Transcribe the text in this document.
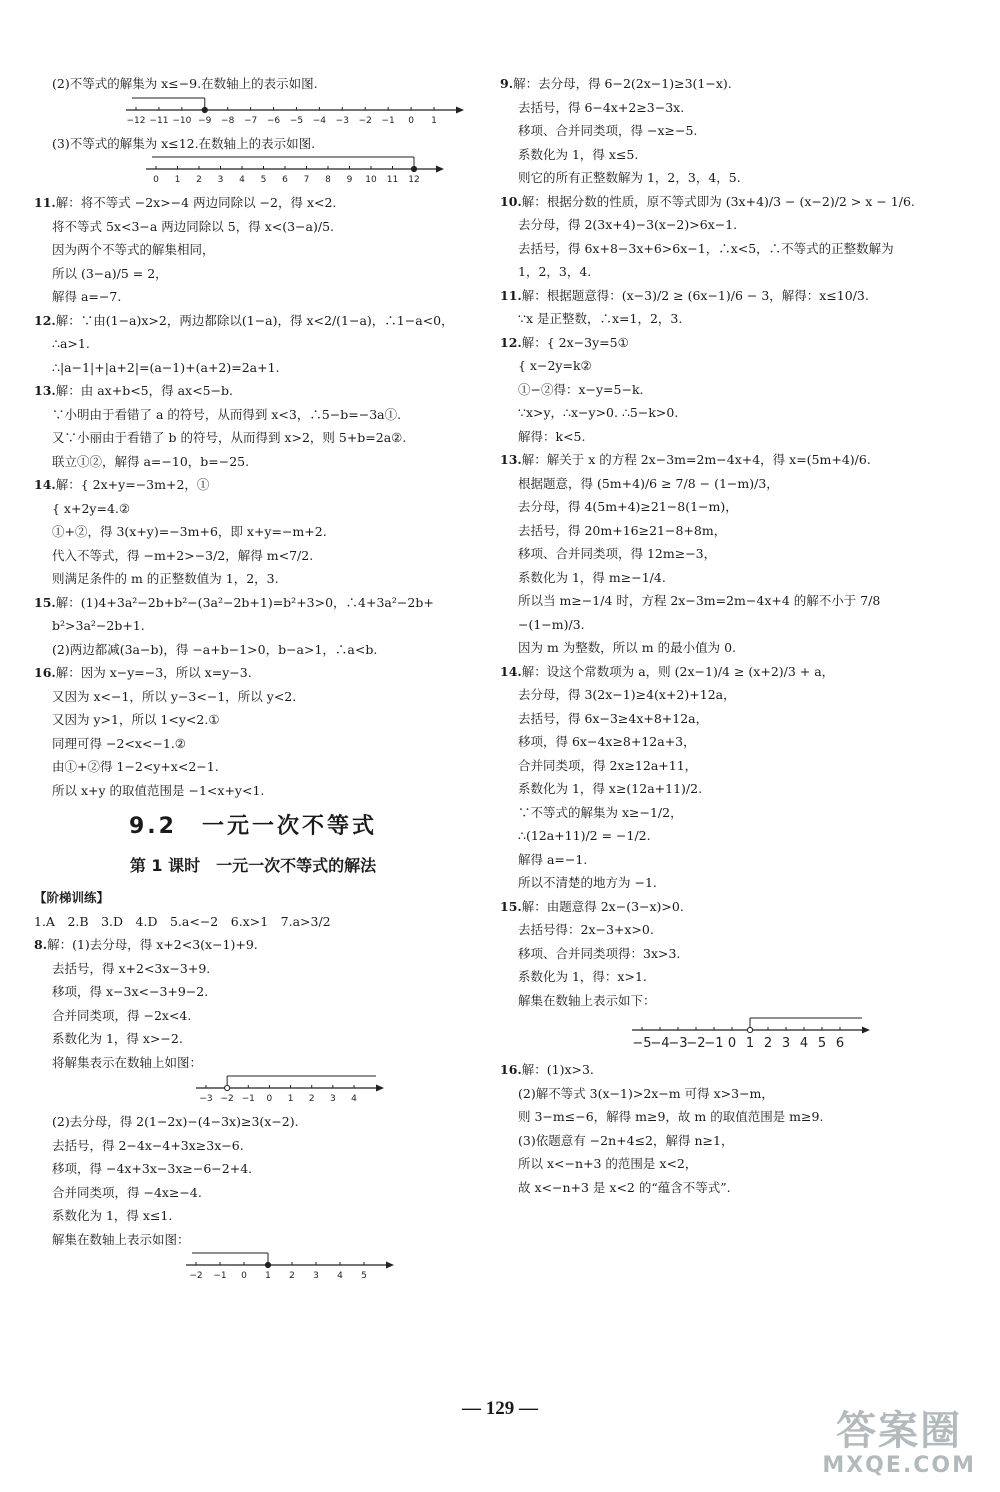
(2)不等式的解集为 x≤−9.在数轴上的表示如图.
−12 −11 −10 −9 −8 −7 −6 −5 −4 −3 −2 −1 0 1
(3)不等式的解集为 x≤12.在数轴上的表示如图.
0 1 2 3 4 5 6 7 8 9 10 11 12
11.解：将不等式 −2x>−4 两边同除以 −2，得 x<2.
将不等式 5x<3−a 两边同除以 5，得 x<(3−a)/5.
因为两个不等式的解集相同，
所以 (3−a)/5 = 2，
解得 a=−7.
12.解：∵由(1−a)x>2，两边都除以(1−a)，得 x<2/(1−a)，∴1−a<0，
∴a>1.
∴|a−1|+|a+2|=(a−1)+(a+2)=2a+1.
13.解：由 ax+b<5，得 ax<5−b.
∵小明由于看错了 a 的符号，从而得到 x<3，∴5−b=−3a①.
又∵小丽由于看错了 b 的符号，从而得到 x>2，则 5+b=2a②.
联立①②，解得 a=−10，b=−25.
14.解：{ 2x+y=−3m+2，①
{ x+2y=4.②
①+②，得 3(x+y)=−3m+6，即 x+y=−m+2.
代入不等式，得 −m+2>−3/2，解得 m<7/2.
则满足条件的 m 的正整数值为 1，2，3.
15.解：(1)4+3a²−2b+b²−(3a²−2b+1)=b²+3>0，∴4+3a²−2b+
b²>3a²−2b+1.
(2)两边都减(3a−b)，得 −a+b−1>0，b−a>1，∴a<b.
16.解：因为 x−y=−3，所以 x=y−3.
又因为 x<−1，所以 y−3<−1，所以 y<2.
又因为 y>1，所以 1<y<2.①
同理可得 −2<x<−1.②
由①+②得 1−2<y+x<2−1.
所以 x+y 的取值范围是 −1<x+y<1.
9.2　一元一次不等式
第 1 课时　一元一次不等式的解法
【阶梯训练】
1.A　2.B　3.D　4.D　5.a<−2　6.x>1　7.a>3/2
8.解：(1)去分母，得 x+2<3(x−1)+9.
去括号，得 x+2<3x−3+9.
移项，得 x−3x<−3+9−2.
合并同类项，得 −2x<4.
系数化为 1，得 x>−2.
将解集表示在数轴上如图：
−3 −2 −1 0 1 2 3 4
(2)去分母，得 2(1−2x)−(4−3x)≥3(x−2).
去括号，得 2−4x−4+3x≥3x−6.
移项，得 −4x+3x−3x≥−6−2+4.
合并同类项，得 −4x≥−4.
系数化为 1，得 x≤1.
解集在数轴上表示如图：
−2 −1 0 1 2 3 4 5
9.解：去分母，得 6−2(2x−1)≥3(1−x).
去括号，得 6−4x+2≥3−3x.
移项、合并同类项，得 −x≥−5.
系数化为 1，得 x≤5.
则它的所有正整数解为 1，2，3，4，5.
10.解：根据分数的性质，原不等式即为 (3x+4)/3 − (x−2)/2 > x − 1/6.
去分母，得 2(3x+4)−3(x−2)>6x−1.
去括号，得 6x+8−3x+6>6x−1，∴x<5，∴不等式的正整数解为
1，2，3，4.
11.解：根据题意得：(x−3)/2 ≥ (6x−1)/6 − 3，解得：x≤10/3.
∵x 是正整数，∴x=1，2，3.
12.解：{ 2x−3y=5①
{ x−2y=k②
①−②得：x−y=5−k.
∵x>y，∴x−y>0. ∴5−k>0.
解得：k<5.
13.解：解关于 x 的方程 2x−3m=2m−4x+4，得 x=(5m+4)/6.
根据题意，得 (5m+4)/6 ≥ 7/8 − (1−m)/3，
去分母，得 4(5m+4)≥21−8(1−m)，
去括号，得 20m+16≥21−8+8m，
移项、合并同类项，得 12m≥−3，
系数化为 1，得 m≥−1/4.
所以当 m≥−1/4 时，方程 2x−3m=2m−4x+4 的解不小于 7/8
−(1−m)/3.
因为 m 为整数，所以 m 的最小值为 0.
14.解：设这个常数项为 a，则 (2x−1)/4 ≥ (x+2)/3 + a，
去分母，得 3(2x−1)≥4(x+2)+12a，
去括号，得 6x−3≥4x+8+12a，
移项，得 6x−4x≥8+12a+3，
合并同类项，得 2x≥12a+11，
系数化为 1，得 x≥(12a+11)/2.
∵不等式的解集为 x≥−1/2，
∴(12a+11)/2 = −1/2.
解得 a=−1.
所以不清楚的地方为 −1.
15.解：由题意得 2x−(3−x)>0.
去括号得：2x−3+x>0.
移项、合并同类项得：3x>3.
系数化为 1，得：x>1.
解集在数轴上表示如下：
−5
−4
−3
−2
−1 0 1 2 3 4 5 6
16.解：(1)x>3.
(2)解不等式 3(x−1)>2x−m 可得 x>3−m，
则 3−m≤−6，解得 m≥9，故 m 的取值范围是 m≥9.
(3)依题意有 −2n+4≤2，解得 n≥1，
所以 x<−n+3 的范围是 x<2，
故 x<−n+3 是 x<2 的“蕴含不等式”.
— 129 —	答案圈
MXQE.COM
